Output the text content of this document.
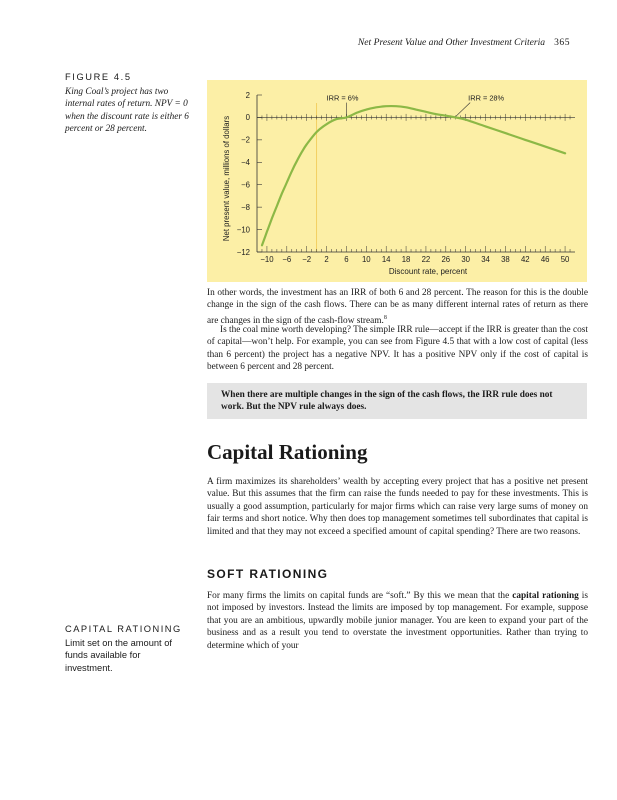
Net Present Value and Other Investment Criteria 365
FIGURE 4.5
King Coal’s project has two internal rates of return. NPV = 0 when the discount rate is either 6 percent or 28 percent.
−10 −6 −2 2 6 10 14 18 22 26 30 34 38 42 46 50
2
0
−2
−4
−6
−8
−10
−12
Discount rate, percent
Net present value, millions of dollars
IRR = 6%	IRR = 28%

In other words, the investment has an IRR of both 6 and 28 percent. The reason for this is the double change in the sign of the cash flows. There can be as many different internal rates of return as there are changes in the sign of the cash-flow stream.$^8$

Is the coal mine worth developing? The simple IRR rule—accept if the IRR is greater than the cost of capital—won’t help. For example, you can see from Figure 4.5 that with a low cost of capital (less than 6 percent) the project has a negative NPV. It has a positive NPV only if the cost of capital is between 6 percent and 28 percent.

When there are multiple changes in the sign of the cash flows, the IRR rule does not work. But the NPV rule always does.

Capital Rationing

A firm maximizes its shareholders’ wealth by accepting every project that has a positive net present value. But this assumes that the firm can raise the funds needed to pay for these investments. This is usually a good assumption, particularly for major firms which can raise very large sums of money on fair terms and short notice. Why then does top management sometimes tell subordinates that capital is limited and that they may not exceed a specified amount of capital spending? There are two reasons.

SOFT RATIONING

For many firms the limits on capital funds are “soft.” By this we mean that the capital rationing is not imposed by investors. Instead the limits are imposed by top management. For example, suppose that you are an ambitious, upwardly mobile junior manager. You are keen to expand your part of the business and as a result you tend to overstate the investment opportunities. Rather than trying to determine which of your

CAPITAL RATIONING
Limit set on the amount of funds available for investment.
